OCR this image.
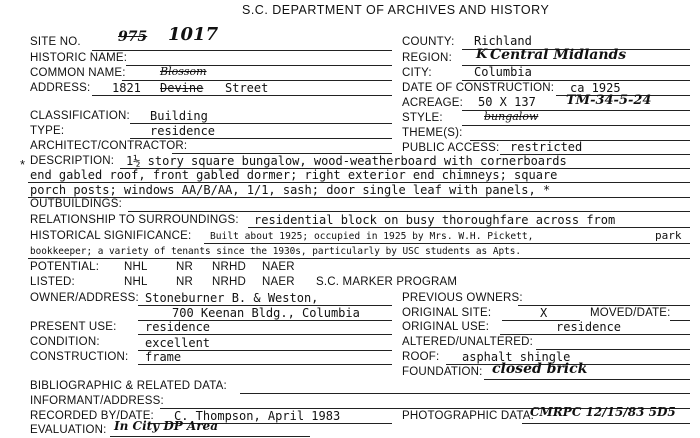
S.C. DEPARTMENT OF ARCHIVES AND HISTORY
SITE NO.	975 1017
HISTORIC NAME:
COMMON NAME:	Blossom
ADDRESS: 1821 Devine Street
CLASSIFICATION: Building
TYPE:	residence
ARCHITECT/CONTRACTOR:
* DESCRIPTION: 1½ story square bungalow, wood-weatherboard with cornerboards
end gabled roof, front gabled dormer; right exterior end chimneys; square
porch posts; windows AA/B/AA, 1/1, sash; door single leaf with panels, *
OUTBUILDINGS:
RELATIONSHIP TO SURROUNDINGS: residential block on busy thoroughfare across from
HISTORICAL SIGNIFICANCE: Built about 1925; occupied in 1925 by Mrs. W.H. Pickett,	park
bookkeeper; a variety of tenants since the 1930s, particularly by USC students as Apts.
POTENTIAL: NHL NR NRHD NAER
LISTED:	NHL NR NRHD NAER S.C. MARKER PROGRAM
OWNER/ADDRESS: Stoneburner B. & Weston,
700 Keenan Bldg., Columbia
PRESENT USE: residence
CONDITION:	excellent
CONSTRUCTION: frame
COUNTY: Richland
REGION: K Central Midlands
CITY:	Columbia
DATE OF CONSTRUCTION: ca 1925
ACREAGE: 50 X 137 TM-34-5-24
STYLE:	bungalow
THEME(S):
PUBLIC ACCESS: restricted
PREVIOUS OWNERS:
ORIGINAL SITE:	X	MOVED/DATE:
ORIGINAL USE:	residence
ALTERED/UNALTERED:
ROOF: asphalt shingle
FOUNDATION: closed brick
BIBLIOGRAPHIC & RELATED DATA:
INFORMANT/ADDRESS:
RECORDED BY/DATE: C. Thompson, April 1983	PHOTOGRAPHIC DATA:
CMRPC 12/15/83 5D5
EVALUATION: In City DP Area
